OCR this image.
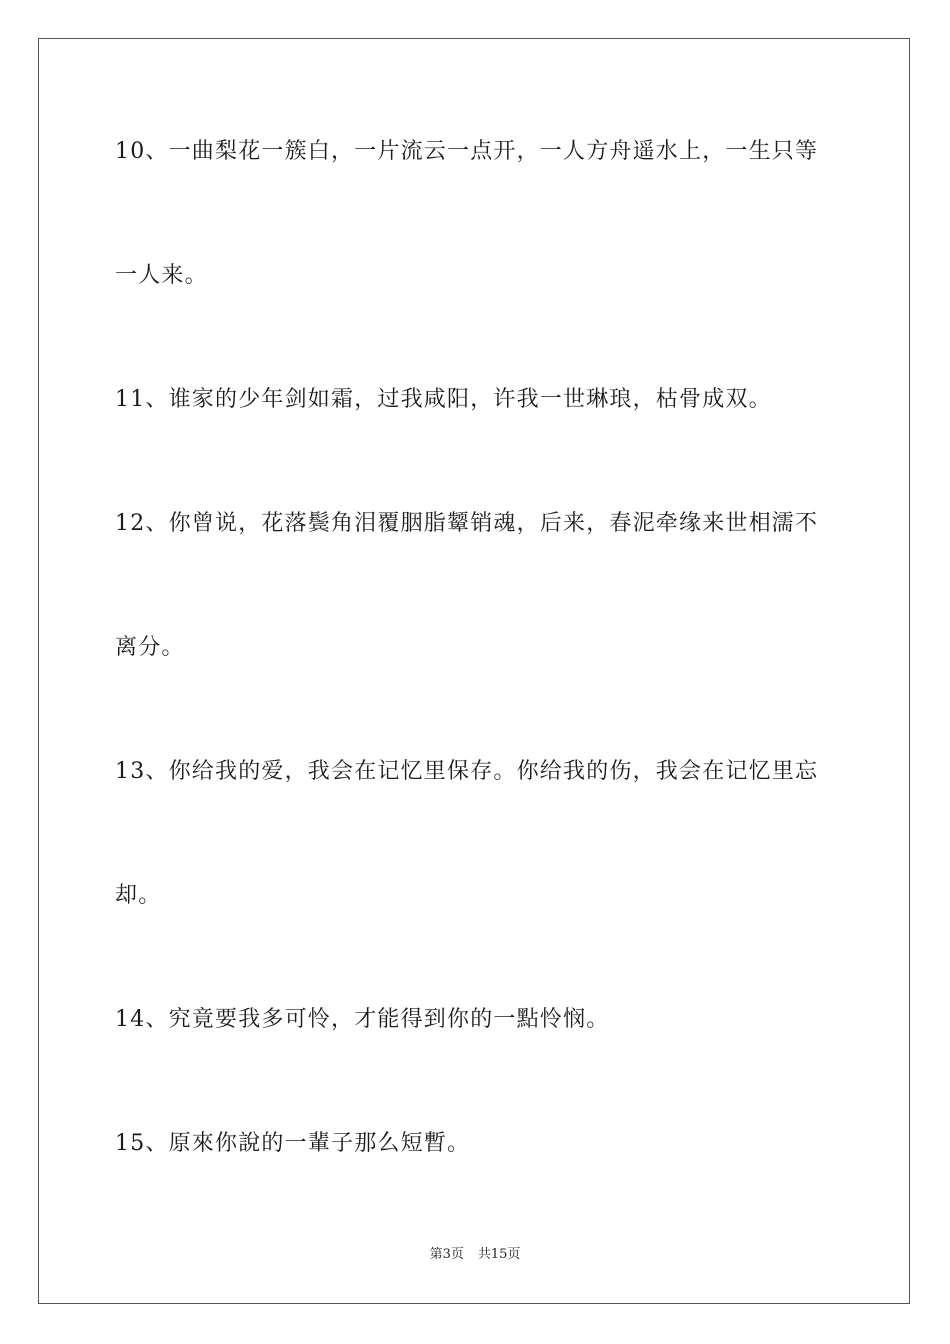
10、一曲梨花一簇白，一片流云一点开，一人方舟遥水上，一生只等
一人来。
11、谁家的少年剑如霜，过我咸阳，许我一世琳琅，枯骨成双。
12、你曾说，花落鬓角泪覆胭脂颦销魂，后来，春泥牵缘来世相濡不
离分。
13、你给我的爱，我会在记忆里保存。你给我的伤，我会在记忆里忘
却。
14、究竟要我多可怜，才能得到你的一點怜悯。
15、原來你說的一輩子那么短暫。
第3页 共15页
